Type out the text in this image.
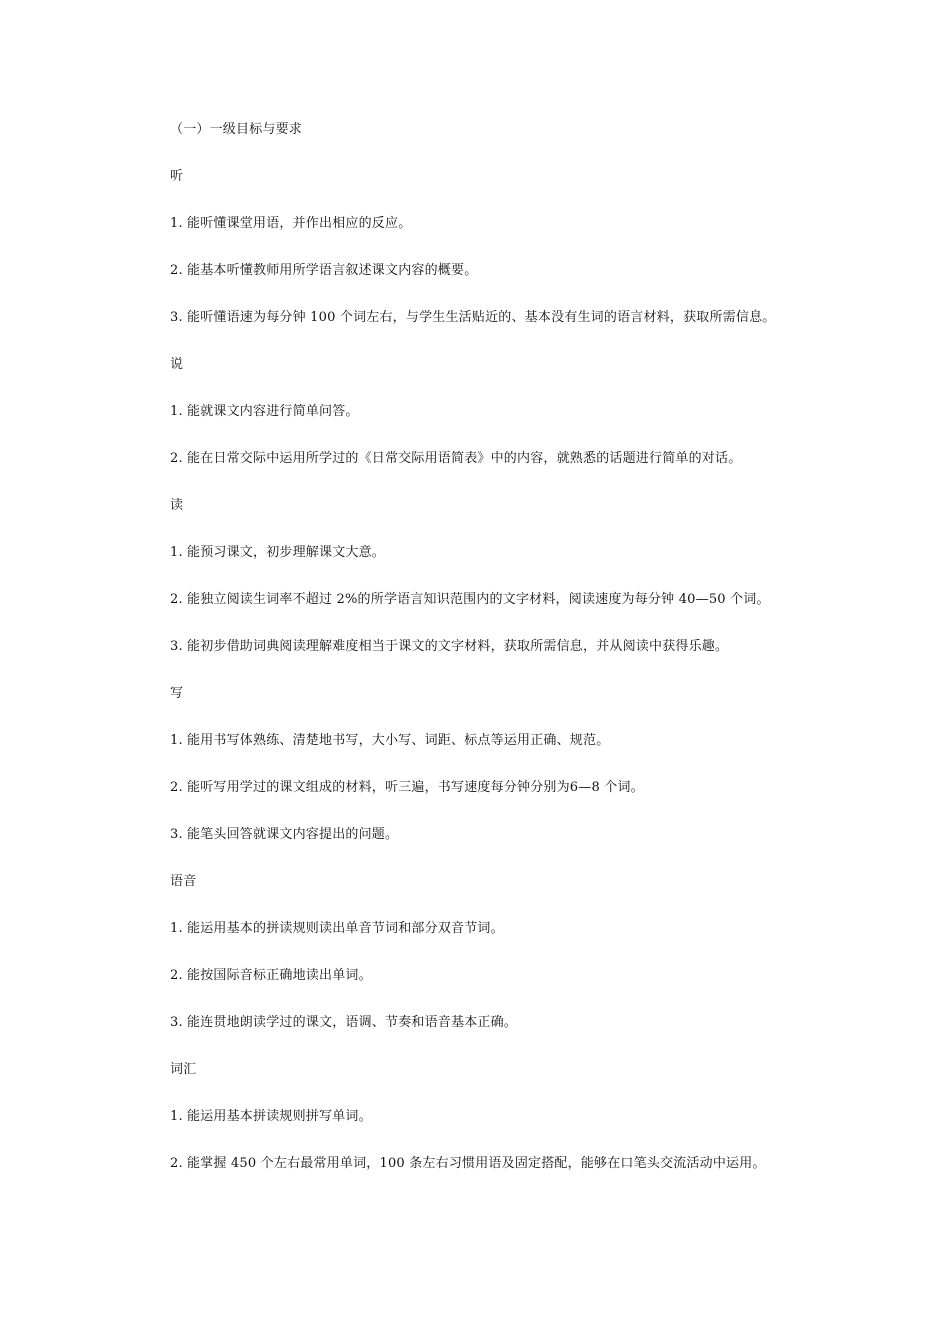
（一）一级目标与要求
听
1. 能听懂课堂用语，并作出相应的反应。
2. 能基本听懂教师用所学语言叙述课文内容的概要。
3. 能听懂语速为每分钟 100 个词左右，与学生生活贴近的、基本没有生词的语言材料，获取所需信息。
说
1. 能就课文内容进行简单问答。
2. 能在日常交际中运用所学过的《日常交际用语简表》中的内容，就熟悉的话题进行简单的对话。
读
1. 能预习课文，初步理解课文大意。
2. 能独立阅读生词率不超过 2%的所学语言知识范围内的文字材料，阅读速度为每分钟 40—50 个词。
3. 能初步借助词典阅读理解难度相当于课文的文字材料，获取所需信息，并从阅读中获得乐趣。
写
1. 能用书写体熟练、清楚地书写，大小写、词距、标点等运用正确、规范。
2. 能听写用学过的课文组成的材料，听三遍，书写速度每分钟分别为6—8 个词。
3. 能笔头回答就课文内容提出的问题。
语音
1. 能运用基本的拼读规则读出单音节词和部分双音节词。
2. 能按国际音标正确地读出单词。
3. 能连贯地朗读学过的课文，语调、节奏和语音基本正确。
词汇
1. 能运用基本拼读规则拼写单词。
2. 能掌握 450 个左右最常用单词，100 条左右习惯用语及固定搭配，能够在口笔头交流活动中运用。
